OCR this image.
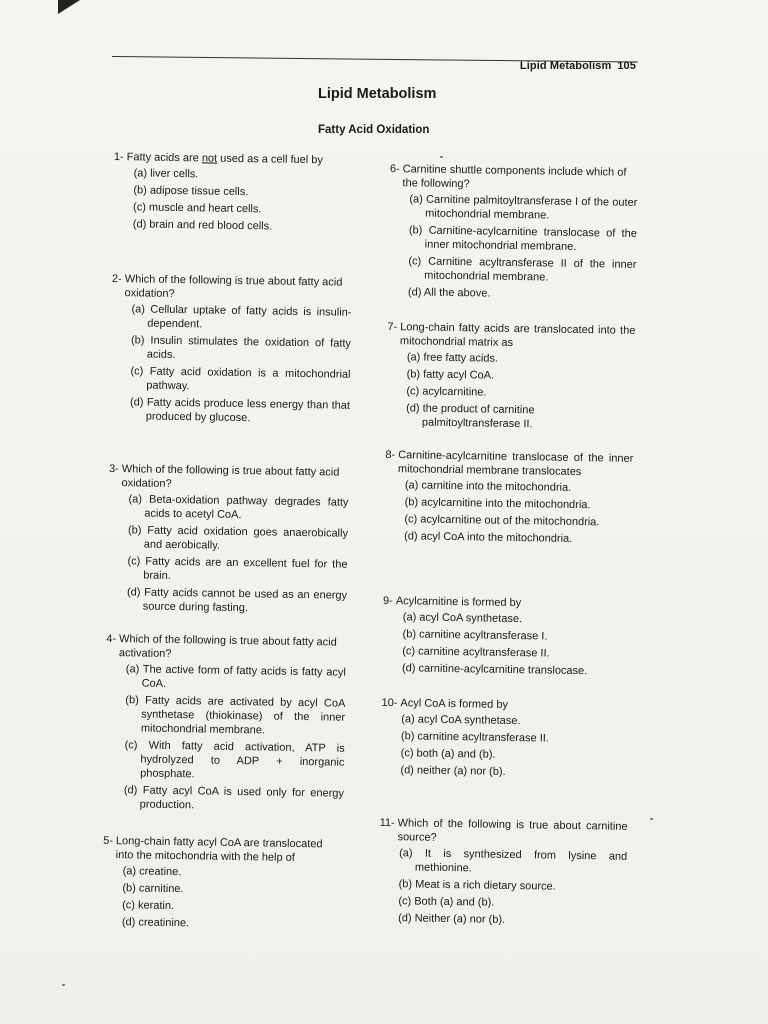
Lipid Metabolism 105
Lipid Metabolism
Fatty Acid Oxidation
1- Fatty acids are not used as a cell fuel by
(a) liver cells.
(b) adipose tissue cells.
(c) muscle and heart cells.
(d) brain and red blood cells.
2- Which of the following is true about fatty acid oxidation?
(a) Cellular uptake of fatty acids is insulin-dependent.
(b) Insulin stimulates the oxidation of fatty acids.
(c) Fatty acid oxidation is a mitochondrial pathway.
(d) Fatty acids produce less energy than that produced by glucose.
3- Which of the following is true about fatty acid oxidation?
(a) Beta-oxidation pathway degrades fatty acids to acetyl CoA.
(b) Fatty acid oxidation goes anaerobically and aerobically.
(c) Fatty acids are an excellent fuel for the brain.
(d) Fatty acids cannot be used as an energy source during fasting.
4- Which of the following is true about fatty acid activation?
(a) The active form of fatty acids is fatty acyl CoA.
(b) Fatty acids are activated by acyl CoA synthetase (thiokinase) of the inner mitochondrial membrane.
(c) With fatty acid activation, ATP is hydrolyzed to ADP + inorganic phosphate.
(d) Fatty acyl CoA is used only for energy production.
5- Long-chain fatty acyl CoA are translocated into the mitochondria with the help of
(a) creatine.
(b) carnitine.
(c) keratin.
(d) creatinine.
6- Carnitine shuttle components include which of the following?
(a) Carnitine palmitoyltransferase I of the outer mitochondrial membrane.
(b) Carnitine-acylcarnitine translocase of the inner mitochondrial membrane.
(c) Carnitine acyltransferase II of the inner mitochondrial membrane.
(d) All the above.
7- Long-chain fatty acids are translocated into the mitochondrial matrix as
(a) free fatty acids.
(b) fatty acyl CoA.
(c) acylcarnitine.
(d) the product of carnitine palmitoyltransferase II.
8- Carnitine-acylcarnitine translocase of the inner mitochondrial membrane translocates
(a) carnitine into the mitochondria.
(b) acylcarnitine into the mitochondria.
(c) acylcarnitine out of the mitochondria.
(d) acyl CoA into the mitochondria.
9- Acylcarnitine is formed by
(a) acyl CoA synthetase.
(b) carnitine acyltransferase I.
(c) carnitine acyltransferase II.
(d) carnitine-acylcarnitine translocase.
10- Acyl CoA is formed by
(a) acyl CoA synthetase.
(b) carnitine acyltransferase II.
(c) both (a) and (b).
(d) neither (a) nor (b).
11- Which of the following is true about carnitine source?
(a) It is synthesized from lysine and methionine.
(b) Meat is a rich dietary source.
(c) Both (a) and (b).
(d) Neither (a) nor (b).
